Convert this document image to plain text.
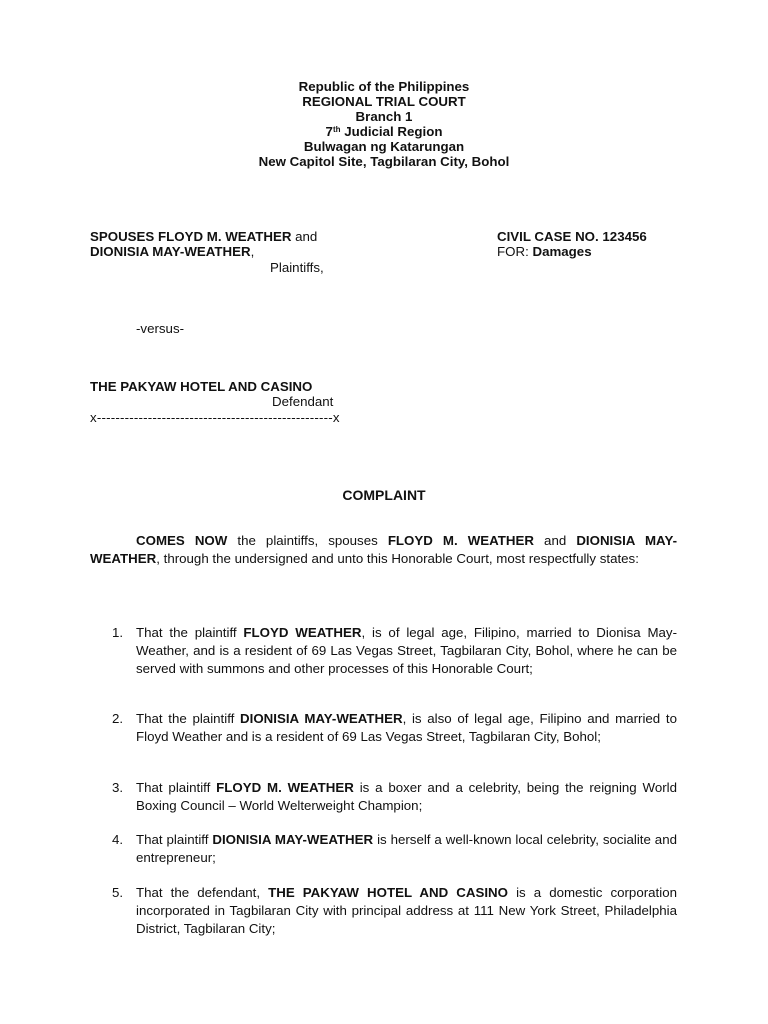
Republic of the Philippines
REGIONAL TRIAL COURT
Branch 1
7th Judicial Region
Bulwagan ng Katarungan
New Capitol Site, Tagbilaran City, Bohol
SPOUSES FLOYD M. WEATHER and
DIONISIA MAY-WEATHER,
Plaintiffs,
CIVIL CASE NO. 123456
FOR: Damages
-versus-
THE PAKYAW HOTEL AND CASINO
Defendant
x---------------------------------------------------x
COMPLAINT
COMES NOW the plaintiffs, spouses FLOYD M. WEATHER and DIONISIA MAY-WEATHER, through the undersigned and unto this Honorable Court, most respectfully states:
1. That the plaintiff FLOYD WEATHER, is of legal age, Filipino, married to Dionisa May-Weather, and is a resident of 69 Las Vegas Street, Tagbilaran City, Bohol, where he can be served with summons and other processes of this Honorable Court;
2. That the plaintiff DIONISIA MAY-WEATHER, is also of legal age, Filipino and married to Floyd Weather and is a resident of 69 Las Vegas Street, Tagbilaran City, Bohol;
3. That plaintiff FLOYD M. WEATHER is a boxer and a celebrity, being the reigning World Boxing Council – World Welterweight Champion;
4. That plaintiff DIONISIA MAY-WEATHER is herself a well-known local celebrity, socialite and entrepreneur;
5. That the defendant, THE PAKYAW HOTEL AND CASINO is a domestic corporation incorporated in Tagbilaran City with principal address at 111 New York Street, Philadelphia District, Tagbilaran City;
